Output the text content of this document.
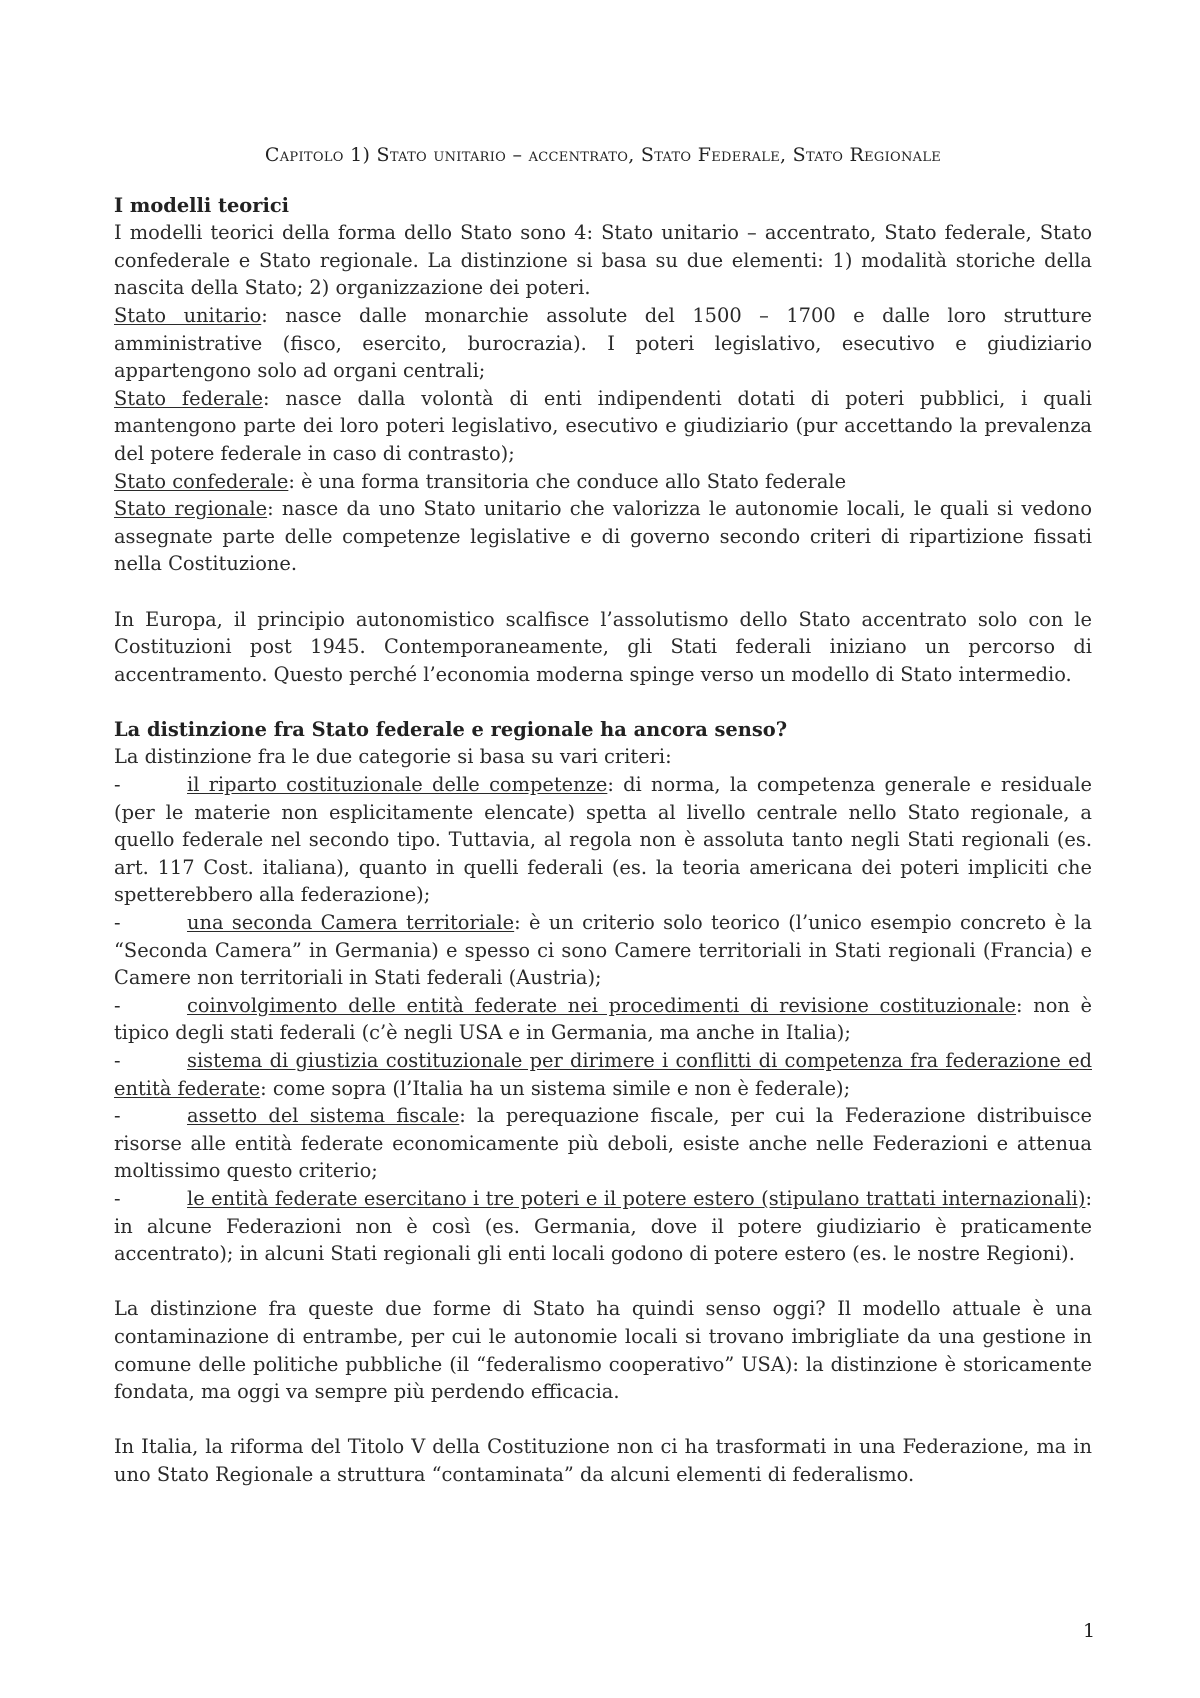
Capitolo 1) Stato unitario – accentrato, Stato Federale, Stato Regionale
I modelli teorici

I modelli teorici della forma dello Stato sono 4: Stato unitario – accentrato, Stato federale, Stato confederale e Stato regionale. La distinzione si basa su due elementi: 1) modalità storiche della nascita della Stato; 2) organizzazione dei poteri.

Stato unitario: nasce dalle monarchie assolute del 1500 – 1700 e dalle loro strutture amministrative (fisco, esercito, burocrazia). I poteri legislativo, esecutivo e giudiziario appartengono solo ad organi centrali;

Stato federale: nasce dalla volontà di enti indipendenti dotati di poteri pubblici, i quali mantengono parte dei loro poteri legislativo, esecutivo e giudiziario (pur accettando la prevalenza del potere federale in caso di contrasto);

Stato confederale: è una forma transitoria che conduce allo Stato federale

Stato regionale: nasce da uno Stato unitario che valorizza le autonomie locali, le quali si vedono assegnate parte delle competenze legislative e di governo secondo criteri di ripartizione fissati nella Costituzione.

In Europa, il principio autonomistico scalfisce l’assolutismo dello Stato accentrato solo con le Costituzioni post 1945. Contemporaneamente, gli Stati federali iniziano un percorso di accentramento. Questo perché l’economia moderna spinge verso un modello di Stato intermedio.

La distinzione fra Stato federale e regionale ha ancora senso?

La distinzione fra le due categorie si basa su vari criteri:

-	il riparto costituzionale delle competenze: di norma, la competenza generale e residuale (per le materie non esplicitamente elencate) spetta al livello centrale nello Stato regionale, a quello federale nel secondo tipo. Tuttavia, al regola non è assoluta tanto negli Stati regionali (es. art. 117 Cost. italiana), quanto in quelli federali (es. la teoria americana dei poteri impliciti che spetterebbero alla federazione);

-	una seconda Camera territoriale: è un criterio solo teorico (l’unico esempio concreto è la “Seconda Camera” in Germania) e spesso ci sono Camere territoriali in Stati regionali (Francia) e Camere non territoriali in Stati federali (Austria);

-	coinvolgimento delle entità federate nei procedimenti di revisione costituzionale: non è tipico degli stati federali (c’è negli USA e in Germania, ma anche in Italia);

-	sistema di giustizia costituzionale per dirimere i conflitti di competenza fra federazione ed entità federate: come sopra (l’Italia ha un sistema simile e non è federale);

-	assetto del sistema fiscale: la perequazione fiscale, per cui la Federazione distribuisce risorse alle entità federate economicamente più deboli, esiste anche nelle Federazioni e attenua moltissimo questo criterio;

-	le entità federate esercitano i tre poteri e il potere estero (stipulano trattati internazionali): in alcune Federazioni non è così (es. Germania, dove il potere giudiziario è praticamente accentrato); in alcuni Stati regionali gli enti locali godono di potere estero (es. le nostre Regioni).

La distinzione fra queste due forme di Stato ha quindi senso oggi? Il modello attuale è una contaminazione di entrambe, per cui le autonomie locali si trovano imbrigliate da una gestione in comune delle politiche pubbliche (il “federalismo cooperativo” USA): la distinzione è storicamente fondata, ma oggi va sempre più perdendo efficacia.

In Italia, la riforma del Titolo V della Costituzione non ci ha trasformati in una Federazione, ma in uno Stato Regionale a struttura “contaminata” da alcuni elementi di federalismo.

1
